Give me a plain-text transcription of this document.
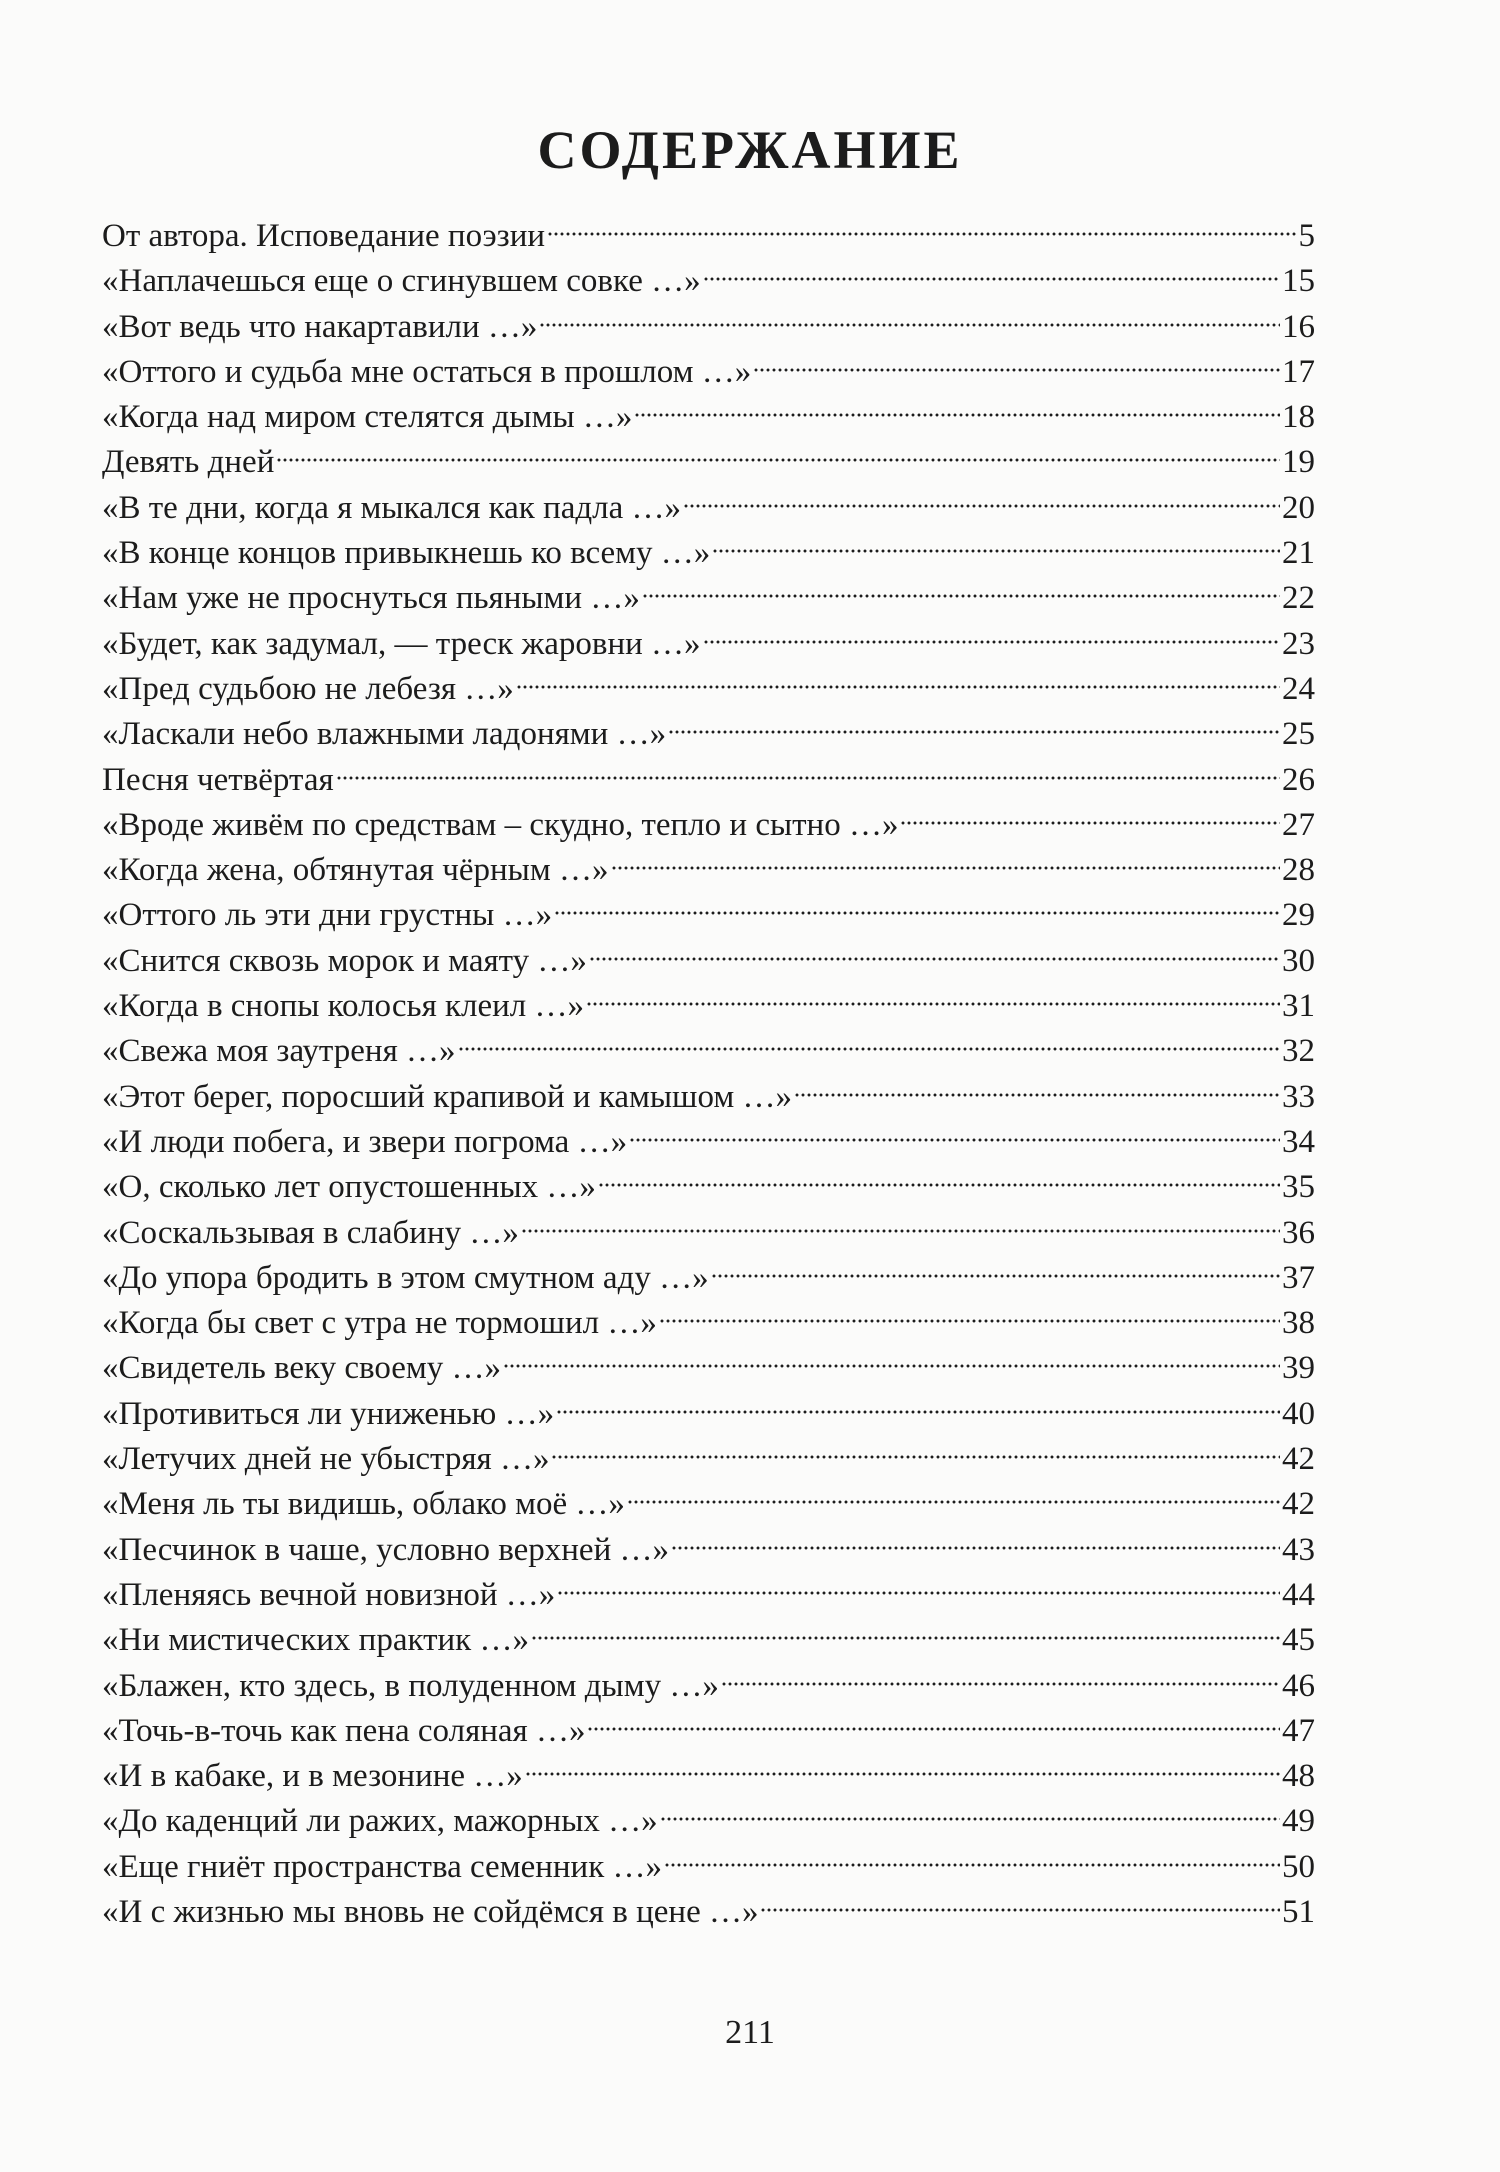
СОДЕРЖАНИЕ
От автора. Исповедание поэзии	5
«Наплачешься еще о сгинувшем совке …»	15
«Вот ведь что накартавили …»	16
«Оттого и судьба мне остаться в прошлом …»	17
«Когда над миром стелятся дымы …»	18
Девять дней	19
«В те дни, когда я мыкался как падла …»	20
«В конце концов привыкнешь ко всему …»	21
«Нам уже не проснуться пьяными …»	22
«Будет, как задумал, — треск жаровни …»	23
«Пред судьбою не лебезя …»	24
«Ласкали небо влажными ладонями …»	25
Песня четвёртая	26
«Вроде живём по средствам – скудно, тепло и сытно …»	27
«Когда жена, обтянутая чёрным …»	28
«Оттого ль эти дни грустны …»	29
«Снится сквозь морок и маяту …»	30
«Когда в снопы колосья клеил …»	31
«Свежа моя заутреня …»	32
«Этот берег, поросший крапивой и камышом …»	33
«И люди побега, и звери погрома …»	34
«О, сколько лет опустошенных …»	35
«Соскальзывая в слабину …»	36
«До упора бродить в этом смутном аду …»	37
«Когда бы свет с утра не тормошил …»	38
«Свидетель веку своему …»	39
«Противиться ли униженью …»	40
«Летучих дней не убыстряя …»	42
«Меня ль ты видишь, облако моё …»	42
«Песчинок в чаше, условно верхней …»	43
«Пленяясь вечной новизной …»	44
«Ни мистических практик …»	45
«Блажен, кто здесь, в полуденном дыму …»	46
«Точь-в-точь как пена соляная …»	47
«И в кабаке, и в мезонине …»	48
«До каденций ли ражих, мажорных …»	49
«Еще гниёт пространства семенник …»	50
«И с жизнью мы вновь не сойдёмся в цене …»	51
211
